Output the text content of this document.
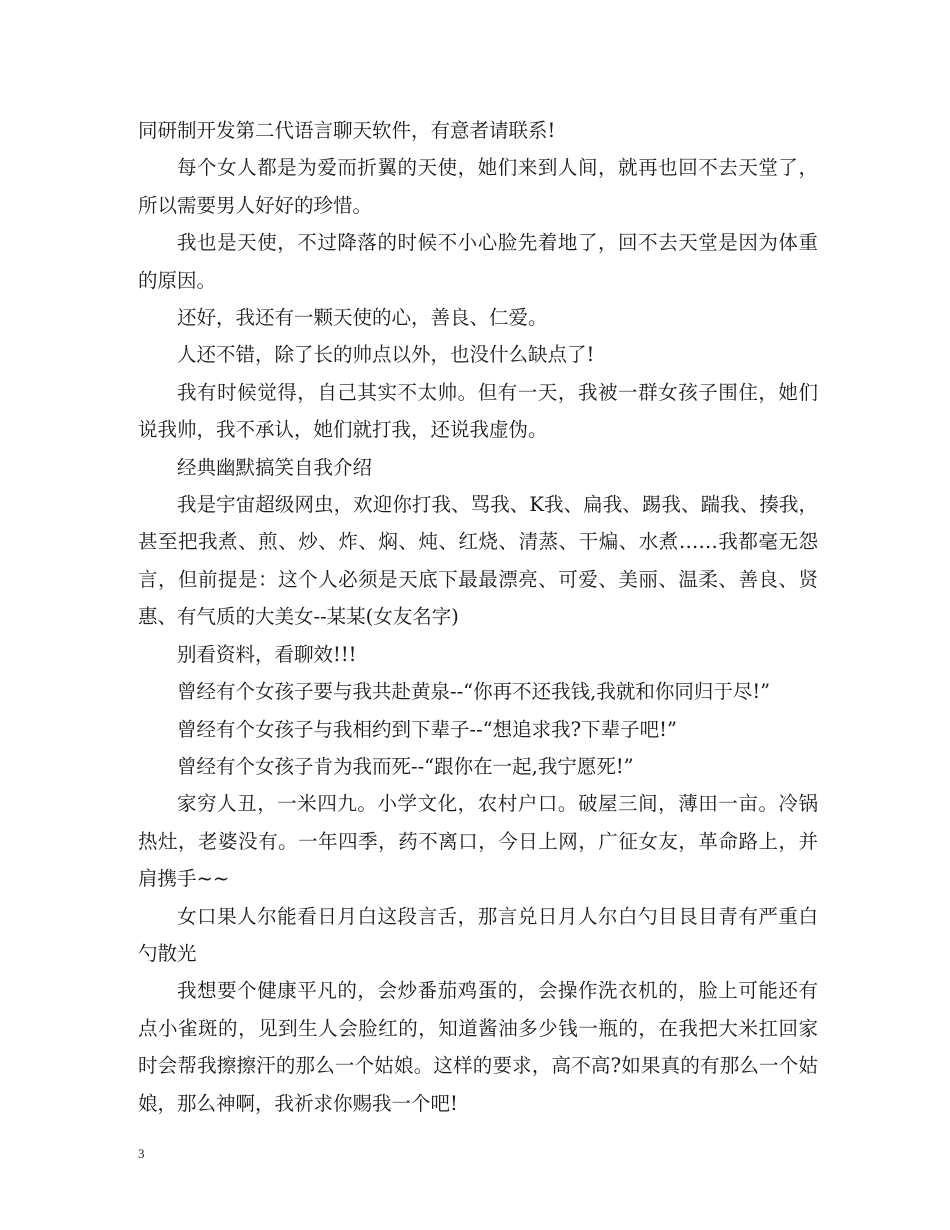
同研制开发第二代语言聊天软件，有意者请联系!

每个女人都是为爱而折翼的天使，她们来到人间，就再也回不去天堂了，所以需要男人好好的珍惜。

我也是天使，不过降落的时候不小心脸先着地了，回不去天堂是因为体重的原因。

还好，我还有一颗天使的心，善良、仁爱。

人还不错，除了长的帅点以外，也没什么缺点了!

我有时候觉得，自己其实不太帅。但有一天，我被一群女孩子围住，她们说我帅，我不承认，她们就打我，还说我虚伪。

经典幽默搞笑自我介绍

我是宇宙超级网虫，欢迎你打我、骂我、K我、扁我、踢我、踹我、揍我，甚至把我煮、煎、炒、炸、焖、炖、红烧、清蒸、干煸、水煮……我都毫无怨言，但前提是：这个人必须是天底下最最漂亮、可爱、美丽、温柔、善良、贤惠、有气质的大美女--某某(女友名字)

别看资料，看聊效!!!

曾经有个女孩子要与我共赴黄泉--“你再不还我钱,我就和你同归于尽!”

曾经有个女孩子与我相约到下辈子--“想追求我?下辈子吧!”

曾经有个女孩子肯为我而死--“跟你在一起,我宁愿死!”

家穷人丑，一米四九。小学文化，农村户口。破屋三间，薄田一亩。冷锅热灶，老婆没有。一年四季，药不离口，今日上网，广征女友，革命路上，并肩携手~~

女口果人尔能看日月白这段言舌，那言兑日月人尔白勺目艮目青有严重白勺散光

我想要个健康平凡的，会炒番茄鸡蛋的，会操作洗衣机的，脸上可能还有点小雀斑的，见到生人会脸红的，知道酱油多少钱一瓶的，在我把大米扛回家时会帮我擦擦汗的那么一个姑娘。这样的要求，高不高?如果真的有那么一个姑娘，那么神啊，我祈求你赐我一个吧!

3
